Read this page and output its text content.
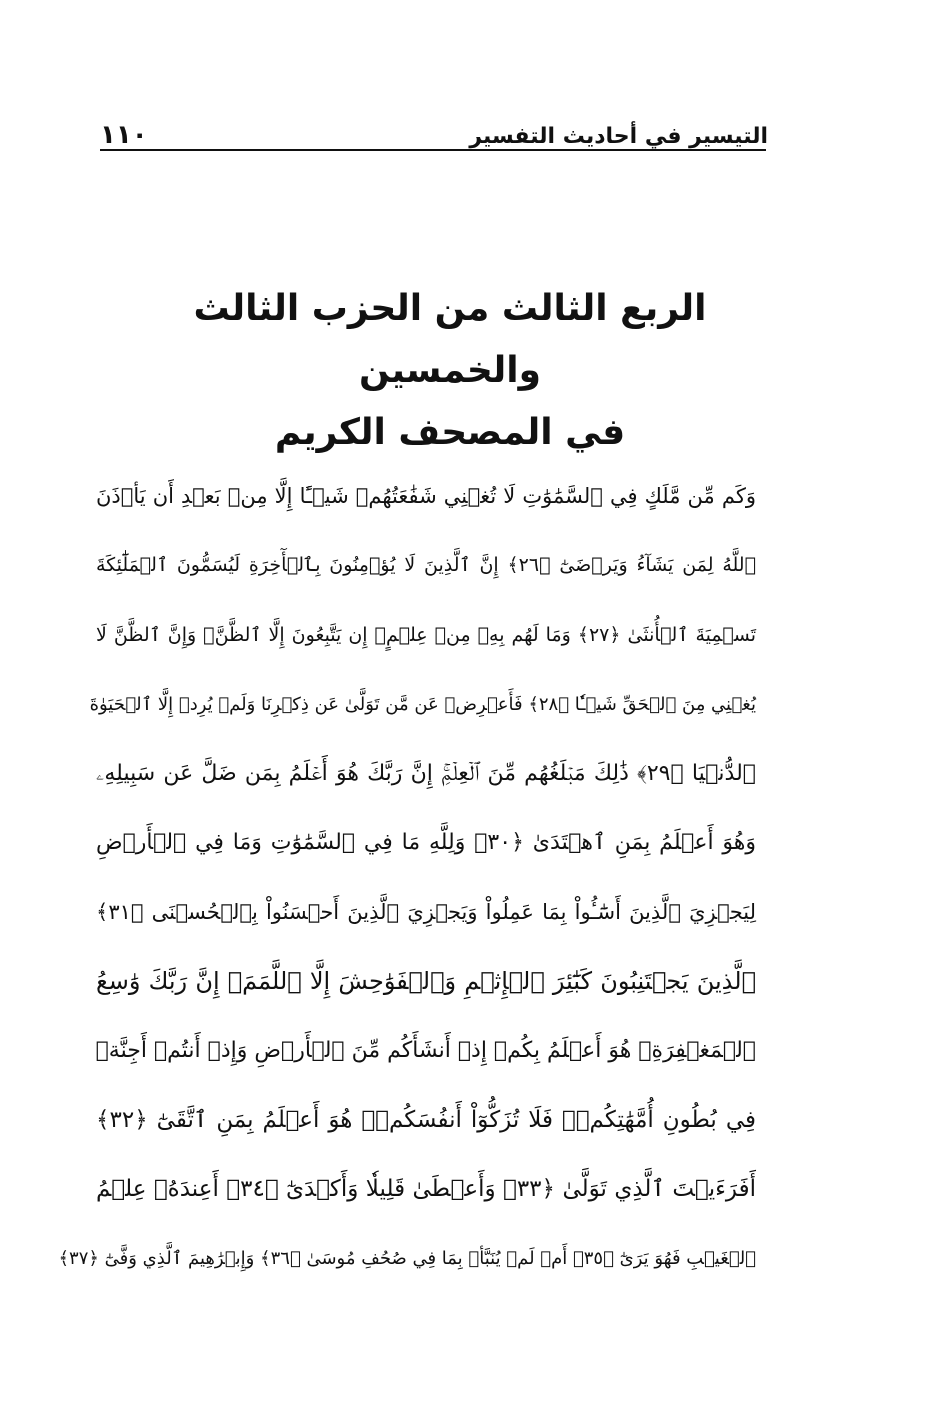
١١٠	التيسير في أحاديث التفسير
الربع الثالث من الحزب الثالث والخمسين
في المصحف الكريم
وَكَم مِّن مَّلَكٍ فِي ٱلسَّمَٰوَٰتِ لَا تُغۡنِي شَفَٰعَتُهُمۡ شَيۡـًٔا إِلَّا مِنۢ بَعۡدِ أَن يَأۡذَنَ
ٱللَّهُ لِمَن يَشَآءُ وَيَرۡضَىٰٓ ﴿٢٦﴾ إِنَّ ٱلَّذِينَ لَا يُؤۡمِنُونَ بِٱلۡأٓخِرَةِ لَيُسَمُّونَ ٱلۡمَلَٰٓئِكَةَ
تَسۡمِيَةَ ٱلۡأُنثَىٰ ﴿٢٧﴾ وَمَا لَهُم بِهِۦ مِنۡ عِلۡمٍۖ إِن يَتَّبِعُونَ إِلَّا ٱلظَّنَّۖ وَإِنَّ ٱلظَّنَّ لَا
يُغۡنِي مِنَ ٱلۡحَقِّ شَيۡـٔٗا ﴿٢٨﴾ فَأَعۡرِضۡ عَن مَّن تَوَلَّىٰ عَن ذِكۡرِنَا وَلَمۡ يُرِدۡ إِلَّا ٱلۡحَيَوٰةَ
ٱلدُّنۡيَا ﴿٢٩﴾ ذَٰلِكَ مَبۡلَغُهُم مِّنَ ٱلۡعِلۡمِۚ إِنَّ رَبَّكَ هُوَ أَعۡلَمُ بِمَن ضَلَّ عَن سَبِيلِهِۦ
وَهُوَ أَعۡلَمُ بِمَنِ ٱهۡتَدَىٰ ﴿٣٠﴾ وَلِلَّهِ مَا فِي ٱلسَّمَٰوَٰتِ وَمَا فِي ٱلۡأَرۡضِ
لِيَجۡزِيَ ٱلَّذِينَ أَسَٰٓـُٔواْ بِمَا عَمِلُواْ وَيَجۡزِيَ ٱلَّذِينَ أَحۡسَنُواْ بِٱلۡحُسۡنَى ﴿٣١﴾
ٱلَّذِينَ يَجۡتَنِبُونَ كَبَٰٓئِرَ ٱلۡإِثۡمِ وَٱلۡفَوَٰحِشَ إِلَّا ٱللَّمَمَۚ إِنَّ رَبَّكَ وَٰسِعُ
ٱلۡمَغۡفِرَةِۚ هُوَ أَعۡلَمُ بِكُمۡ إِذۡ أَنشَأَكُم مِّنَ ٱلۡأَرۡضِ وَإِذۡ أَنتُمۡ أَجِنَّةٞ
فِي بُطُونِ أُمَّهَٰتِكُمۡۖ فَلَا تُزَكُّوٓاْ أَنفُسَكُمۡۖ هُوَ أَعۡلَمُ بِمَنِ ٱتَّقَىٰٓ ﴿٣٢﴾
أَفَرَءَيۡتَ ٱلَّذِي تَوَلَّىٰ ﴿٣٣﴾ وَأَعۡطَىٰ قَلِيلٗا وَأَكۡدَىٰٓ ﴿٣٤﴾ أَعِندَهُۥ عِلۡمُ
ٱلۡغَيۡبِ فَهُوَ يَرَىٰٓ ﴿٣٥﴾ أَمۡ لَمۡ يُنَبَّأۡ بِمَا فِي صُحُفِ مُوسَىٰ ﴿٣٦﴾ وَإِبۡرَٰهِيمَ ٱلَّذِي وَفَّىٰٓ ﴿٣٧﴾
